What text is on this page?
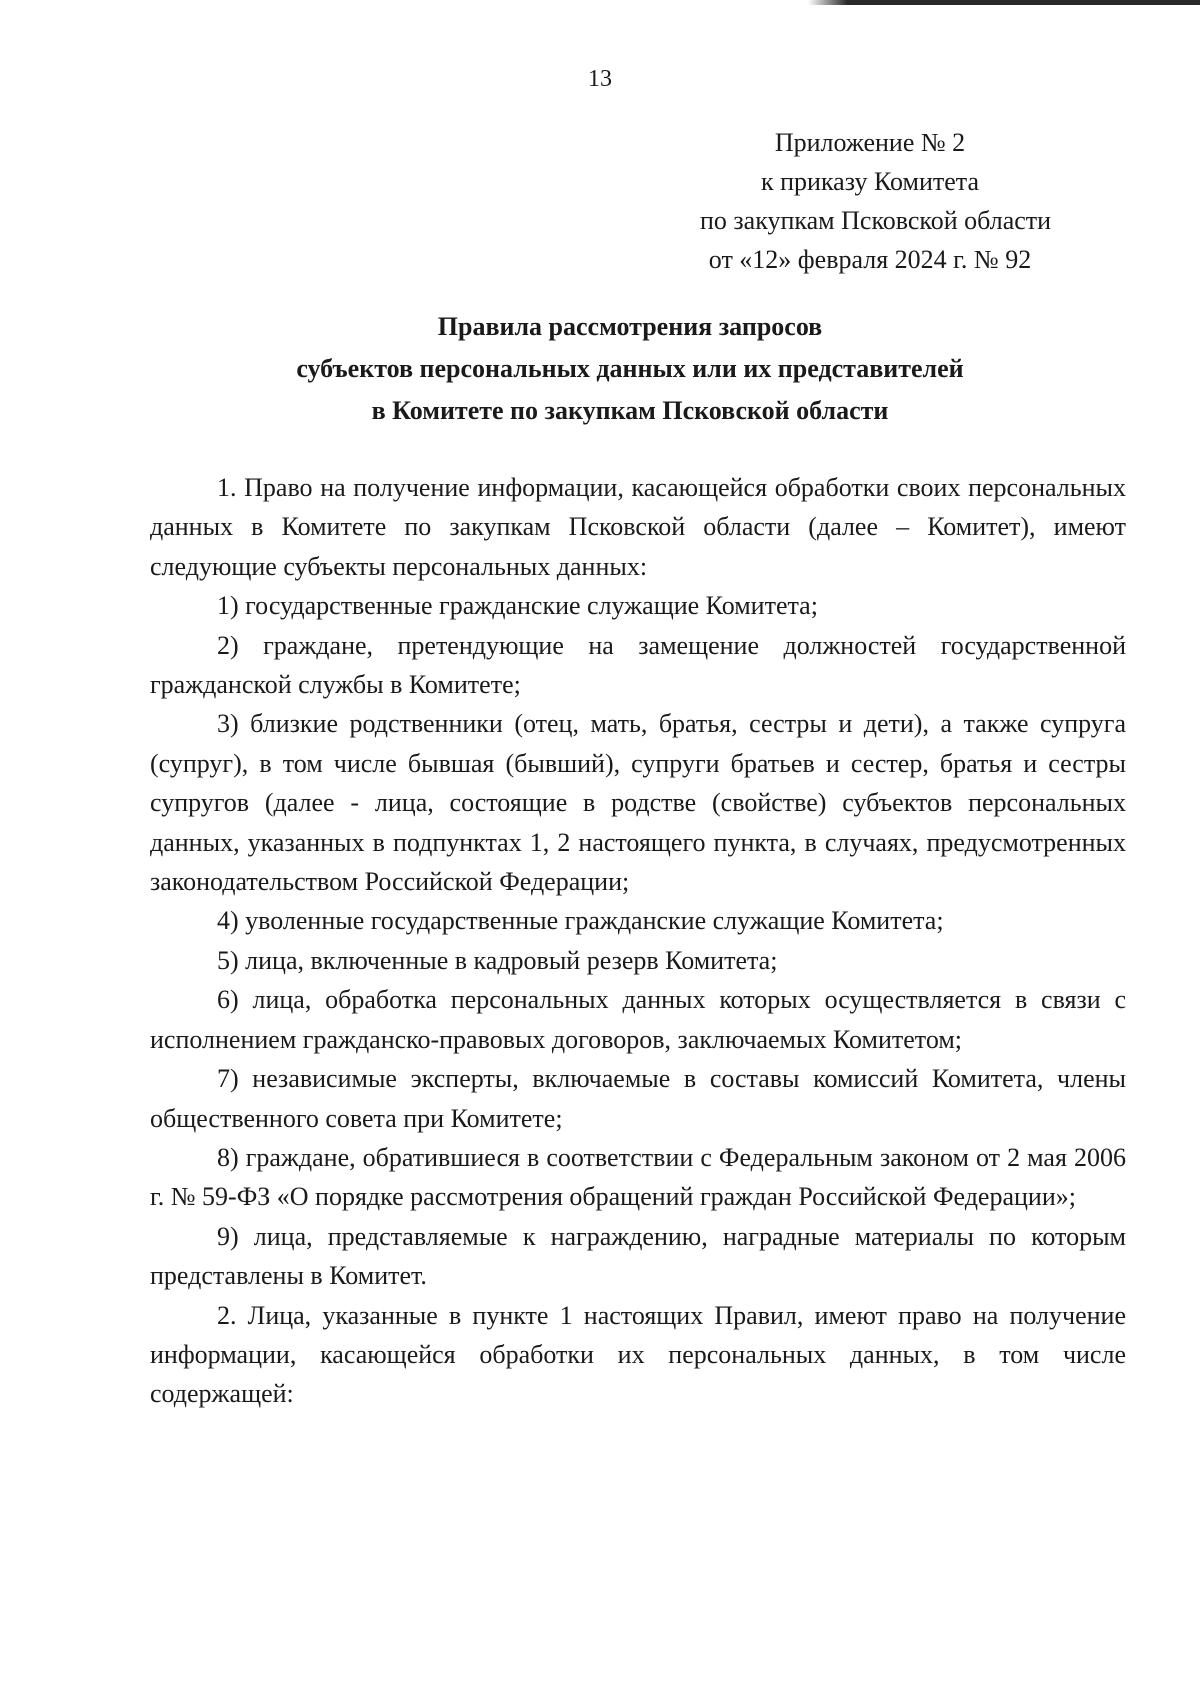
13
Приложение № 2
к приказу Комитета
по закупкам Псковской области
от «12» февраля 2024 г. № 92
Правила рассмотрения запросов
субъектов персональных данных или их представителей
в Комитете по закупкам Псковской области

1. Право на получение информации, касающейся обработки своих персональных данных в Комитете по закупкам Псковской области (далее – Комитет), имеют следующие субъекты персональных данных:

1) государственные гражданские служащие Комитета;

2) граждане, претендующие на замещение должностей государственной гражданской службы в Комитете;

3) близкие родственники (отец, мать, братья, сестры и дети), а также супруга (супруг), в том числе бывшая (бывший), супруги братьев и сестер, братья и сестры супругов (далее - лица, состоящие в родстве (свойстве) субъектов персональных данных, указанных в подпунктах 1, 2 настоящего пункта, в случаях, предусмотренных законодательством Российской Федерации;

4) уволенные государственные гражданские служащие Комитета;

5) лица, включенные в кадровый резерв Комитета;

6) лица, обработка персональных данных которых осуществляется в связи с исполнением гражданско-правовых договоров, заключаемых Комитетом;

7) независимые эксперты, включаемые в составы комиссий Комитета, члены общественного совета при Комитете;

8) граждане, обратившиеся в соответствии с Федеральным законом от 2 мая 2006 г. № 59-ФЗ «О порядке рассмотрения обращений граждан Российской Федерации»;

9) лица, представляемые к награждению, наградные материалы по которым представлены в Комитет.

2. Лица, указанные в пункте 1 настоящих Правил, имеют право на получение информации, касающейся обработки их персональных данных, в том числе содержащей:
